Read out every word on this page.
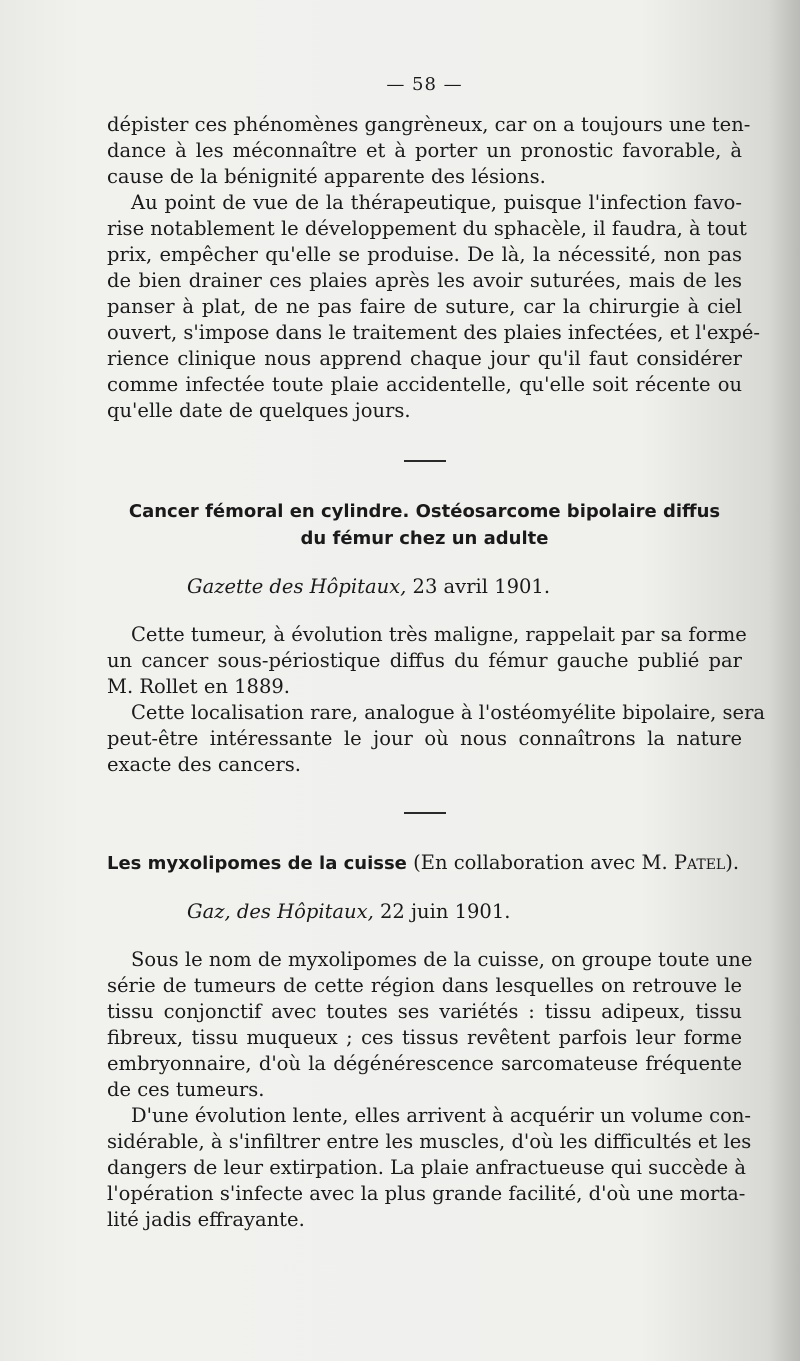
— 58 —

dépister ces phénomènes gangrèneux, car on a toujours une ten-
dance à les méconnaître et à porter un pronostic favorable, à
cause de la bénignité apparente des lésions.

Au point de vue de la thérapeutique, puisque l'infection favo-
rise notablement le développement du sphacèle, il faudra, à tout
prix, empêcher qu'elle se produise. De là, la nécessité, non pas
de bien drainer ces plaies après les avoir suturées, mais de les
panser à plat, de ne pas faire de suture, car la chirurgie à ciel
ouvert, s'impose dans le traitement des plaies infectées, et l'expé-
rience clinique nous apprend chaque jour qu'il faut considérer
comme infectée toute plaie accidentelle, qu'elle soit récente ou
qu'elle date de quelques jours.

Cancer fémoral en cylindre. Ostéosarcome bipolaire diffus
du fémur chez un adulte
Gazette des Hôpitaux, 23 avril 1901.

Cette tumeur, à évolution très maligne, rappelait par sa forme
un cancer sous-périostique diffus du fémur gauche publié par
M. Rollet en 1889.

Cette localisation rare, analogue à l'ostéomyélite bipolaire, sera
peut-être intéressante le jour où nous connaîtrons la nature
exacte des cancers.

Les myxolipomes de la cuisse (En collaboration avec M. Patel).
Gaz, des Hôpitaux, 22 juin 1901.

Sous le nom de myxolipomes de la cuisse, on groupe toute une
série de tumeurs de cette région dans lesquelles on retrouve le
tissu conjonctif avec toutes ses variétés : tissu adipeux, tissu
fibreux, tissu muqueux ; ces tissus revêtent parfois leur forme
embryonnaire, d'où la dégénérescence sarcomateuse fréquente
de ces tumeurs.

D'une évolution lente, elles arrivent à acquérir un volume con-
sidérable, à s'infiltrer entre les muscles, d'où les difficultés et les
dangers de leur extirpation. La plaie anfractueuse qui succède à
l'opération s'infecte avec la plus grande facilité, d'où une morta-
lité jadis effrayante.
